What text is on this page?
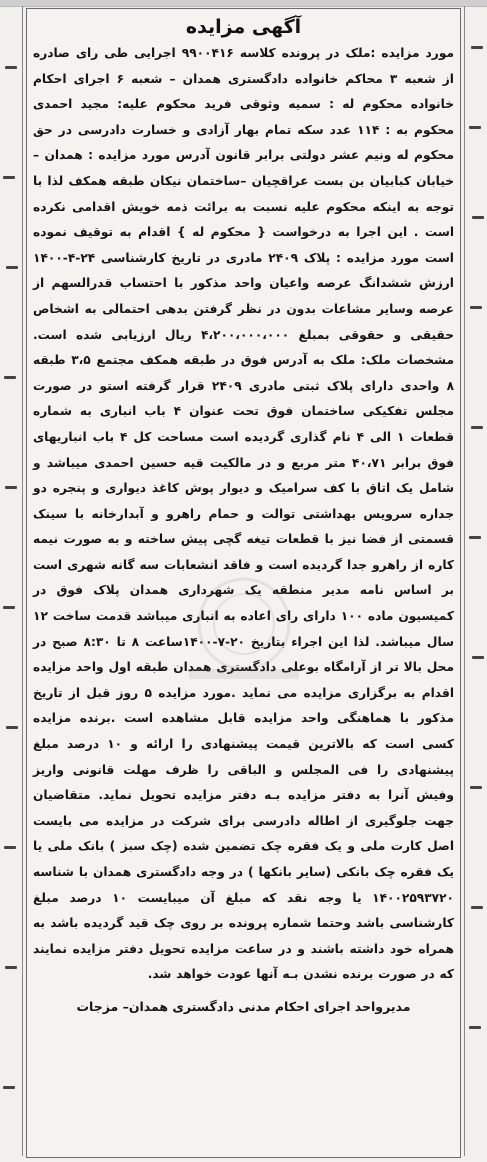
آگهی مزایده

مورد مزایده :ملک در پرونده کلاسه ۹۹۰۰۴۱۶ اجرایی طی رای صادره از شعبه ۳ محاکم خانواده دادگستری همدان – شعبه ۶ اجرای احکام خانواده محکوم له : سمیه وثوقی فرید محکوم علیه: مجید احمدی محکوم به : ۱۱۴ عدد سکه تمام بهار آزادی و خسارت دادرسی در حق محکوم له ونیم عشر دولتی برابر قانون آدرس مورد مزایده : همدان – خیابان کبابیان بن بست عراقچیان –ساختمان نیکان طبقه همکف لذا با توجه به اینکه محکوم علیه نسبت به برائت ذمه خویش اقدامی نکرده است . این اجرا به درخواست { محکوم له } اقدام به توقیف نموده است مورد مزایده : پلاک ۲۴۰۹ مادری در تاریخ کارشناسی ۲۴-۴-۱۴۰۰ ارزش ششدانگ عرصه واعیان واحد مذکور با احتساب قدرالسهم از عرصه وسایر مشاعات بدون در نظر گرفتن بدهی احتمالی به اشخاص حقیقی و حقوقی بمبلغ ۴،۲۰۰،۰۰۰،۰۰۰ ریال ارزیابی شده است. مشخصات ملک: ملک به آدرس فوق در طبقه همکف مجتمع ۳،۵ طبقه ۸ واحدی دارای پلاک ثبتی مادری ۲۴۰۹ قرار گرفته استو در صورت مجلس تفکیکی ساختمان فوق تحت عنوان ۴ باب انباری به شماره قطعات ۱ الی ۴ نام گذاری گردیده است مساحت کل ۴ باب انباریهای فوق برابر ۴۰،۷۱ متر مربع و در مالکیت قیه حسین احمدی میباشد و شامل یک اتاق با کف سرامیک و دیوار پوش کاغذ دیواری و پنجره دو جداره سرویس بهداشتی توالت و حمام راهرو و آبدارخانه با سینک قسمتی از فضا نیز با قطعات تیغه گچی پیش ساخته و به صورت نیمه کاره از راهرو جدا گردیده است و فاقد انشعابات سه گانه شهری است بر اساس نامه مدیر منطقه یک شهرداری همدان پلاک فوق در کمیسیون ماده ۱۰۰ دارای رای اعاده به انباری میباشد قدمت ساخت ۱۲ سال میباشد. لذا این اجراء بتاریخ ۲۰-۷-۱۴۰۰ساعت ۸ تا ۸:۳۰ صبح در محل بالا تر از آرامگاه بوعلی دادگستری همدان طبقه اول واحد مزایده اقدام به برگزاری مزایده می نماید .مورد مزایده ۵ روز قبل از تاریخ مذکور با هماهنگی واحد مزایده قابل مشاهده است .برنده مزایده کسی است که بالاترین قیمت پیشنهادی را ارائه و ۱۰ درصد مبلغ پیشنهادی را فی المجلس و الباقی را ظرف مهلت قانونی واریز وفیش آنرا به دفتر مزایده بـه دفتر مزایده تحویل نماید. متقاضیان جهت جلوگیری از اطاله دادرسی برای شرکت در مزایده می بایست اصل کارت ملی و یک فقره چک تضمین شده (چک سبز ) بانک ملی یا یک فقره چک بانکی (سایر بانکها ) در وجه دادگستری همدان با شناسه ۱۴۰۰۲۵۹۳۷۲۰ یا وجه نقد که مبلغ آن میبایست ۱۰ درصد مبلغ کارشناسی باشد وحتما شماره پرونده بر روی چک قید گردیده باشد به همراه خود داشته باشند و در ساعت مزایده تحویل دفتر مزایده نمایند که در صورت برنده نشدن بـه آنها عودت خواهد شد.

مدیرواحد اجرای احکام مدنی دادگستری همدان– مزجات
